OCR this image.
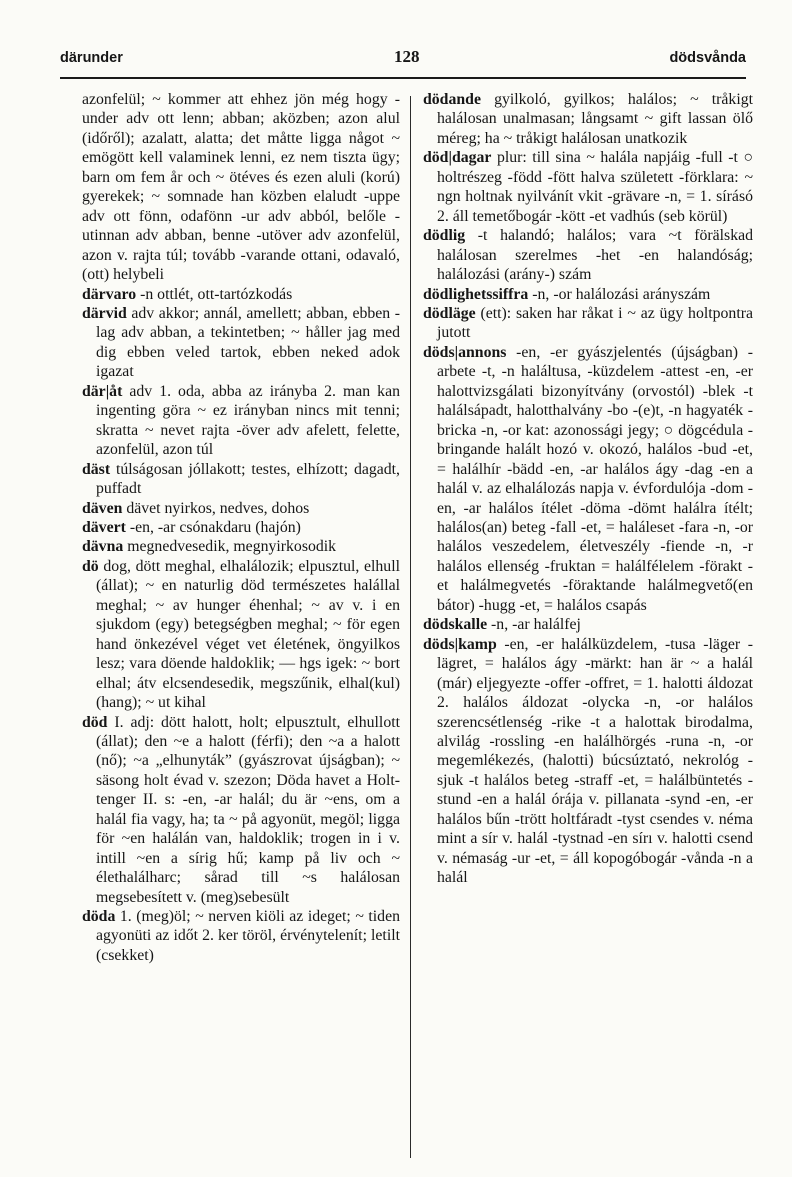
därunder	128	dödsvånda

azonfelül; ~ kommer att ehhez jön még hogy -under adv ott lenn; abban; aközben; azon alul (időről); azalatt, alatta; det måtte ligga något ~ emögött kell valaminek lenni, ez nem tiszta ügy; barn om fem år och ~ ötéves és ezen aluli (korú) gyerekek; ~ somnade han közben elaludt -uppe adv ott fönn, odafönn -ur adv abból, belőle -utinnan adv abban, benne -utöver adv azonfelül, azon v. rajta túl; tovább -varande ottani, odavaló, (ott) helybeli

därvaro -n ottlét, ott-tartózkodás

därvid adv akkor; annál, amellett; abban, ebben -lag adv abban, a tekintetben; ~ håller jag med dig ebben veled tartok, ebben neked adok igazat

där|åt adv 1. oda, abba az irányba 2. man kan ingenting göra ~ ez irányban nincs mit tenni; skratta ~ nevet rajta -över adv afelett, felette, azonfelül, azon túl

däst túlságosan jóllakott; testes, elhízott; dagadt, puffadt

däven dävet nyirkos, nedves, dohos

dävert -en, -ar csónakdaru (hajón)

dävna megnedvesedik, megnyirkosodik

dö dog, dött meghal, elhalálozik; elpusztul, elhull (állat); ~ en naturlig död természetes halállal meghal; ~ av hunger éhenhal; ~ av v. i en sjukdom (egy) betegségben meghal; ~ för egen hand önkezével véget vet életének, öngyilkos lesz; vara döende haldoklik; — hgs igek: ~ bort elhal; átv elcsendesedik, megszűnik, elhal(kul) (hang); ~ ut kihal

död I. adj: dött halott, holt; elpusztult, elhullott (állat); den ~e a halott (férfi); den ~a a halott (nő); ~a „elhunyták” (gyászrovat újságban); ~ säsong holt évad v. szezon; Döda havet a Holt-tenger II. s: -en, -ar halál; du är ~ens, om a halál fia vagy, ha; ta ~ på agyonüt, megöl; ligga för ~en halálán van, haldoklik; trogen in i v. intill ~en a sírig hű; kamp på liv och ~ élethalálharc; sårad till ~s halálosan megsebesített v. (meg)sebesült

döda 1. (meg)öl; ~ nerven kiöli az ideget; ~ tiden agyonüti az időt 2. ker töröl, érvénytelenít; letilt (csekket)

dödande gyilkoló, gyilkos; halálos; ~ tråkigt halálosan unalmasan; långsamt ~ gift lassan ölő méreg; ha ~ tråkigt halálosan unatkozik

död|dagar plur: till sina ~ halála napjáig -full -t ○ holtrészeg -född -fött halva született -förklara: ~ ngn holtnak nyilvánít vkit -grävare -n, = 1. sírásó 2. áll temetőbogár -kött -et vadhús (seb körül)

dödlig -t halandó; halálos; vara ~t förälskad halálosan szerelmes -het -en halandóság; halálozási (arány-) szám

dödlighetssiffra -n, -or halálozási arányszám

dödläge (ett): saken har råkat i ~ az ügy holtpontra jutott

döds|annons -en, -er gyászjelentés (újságban) -arbete -t, -n haláltusa, -küzdelem -attest -en, -er halottvizsgálati bizonyítvány (orvostól) -blek -t halálsápadt, halotthalvány -bo -(e)t, -n hagyaték -bricka -n, -or kat: azonossági jegy; ○ dögcédula -bringande halált hozó v. okozó, halálos -bud -et, = halálhír -bädd -en, -ar halálos ágy -dag -en a halál v. az elhalálozás napja v. évfordulója -dom -en, -ar halálos ítélet -döma -dömt halálra ítélt; halálos(an) beteg -fall -et, = haláleset -fara -n, -or halálos veszedelem, életveszély -fiende -n, -r halálos ellenség -fruktan = halálfélelem -förakt -et halálmegvetés -föraktande halálmegvető(en bátor) -hugg -et, = halálos csapás

dödskalle -n, -ar halálfej

döds|kamp -en, -er halálküzdelem, -tusa -läger -lägret, = halálos ágy -märkt: han är ~ a halál (már) eljegyezte -offer -offret, = 1. halotti áldozat 2. halálos áldozat -olycka -n, -or halálos szerencsétlenség -rike -t a halottak birodalma, alvilág -rossling -en halálhörgés -runa -n, -or megemlékezés, (halotti) búcsúztató, nekrológ -sjuk -t halálos beteg -straff -et, = halálbüntetés -stund -en a halál órája v. pillanata -synd -en, -er halálos bűn -trött holtfáradt -tyst csendes v. néma mint a sír v. halál -tystnad -en sírı v. halotti csend v. némaság -ur -et, = áll kopogóbogár -vånda -n a halál
